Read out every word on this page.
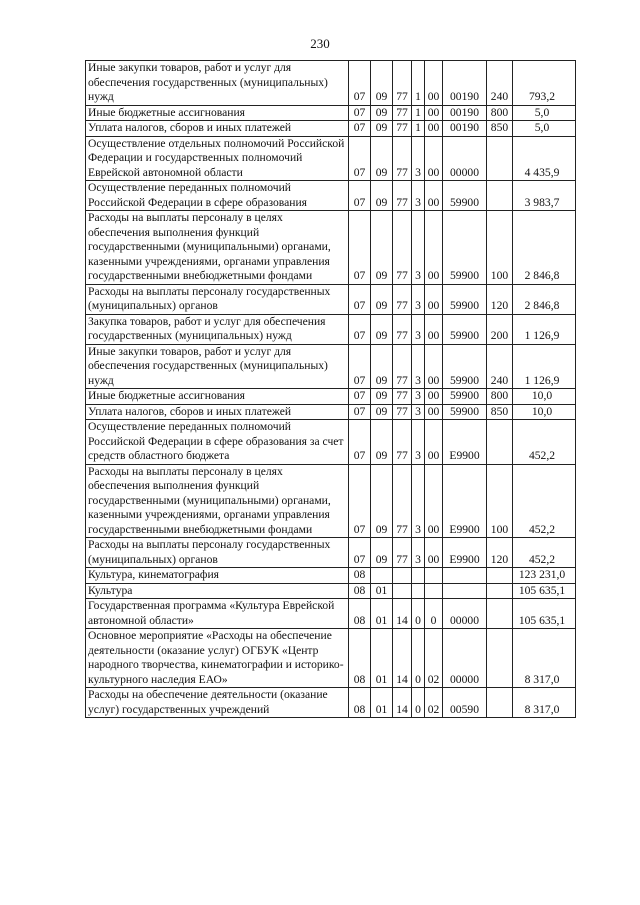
230
Иные закупки товаров, работ и услуг для обеспечения государственных (муниципальных) нужд	07	09	77	1	00	00190	240	793,2
Иные бюджетные ассигнования	07	09	77	1	00	00190	800	5,0
Уплата налогов, сборов и иных платежей	07	09	77	1	00	00190	850	5,0
Осуществление отдельных полномочий Российской Федерации и государственных полномочий Еврейской автономной области	07	09	77	3	00	00000		4 435,9
Осуществление переданных полномочий Российской Федерации в сфере образования	07	09	77	3	00	59900		3 983,7
Расходы на выплаты персоналу в целях обеспечения выполнения функций государственными (муниципальными) органами, казенными учреждениями, органами управления государственными внебюджетными фондами	07	09	77	3	00	59900	100	2 846,8
Расходы на выплаты персоналу государственных (муниципальных) органов	07	09	77	3	00	59900	120	2 846,8
Закупка товаров, работ и услуг для обеспечения государственных (муниципальных) нужд	07	09	77	3	00	59900	200	1 126,9
Иные закупки товаров, работ и услуг для обеспечения государственных (муниципальных) нужд	07	09	77	3	00	59900	240	1 126,9
Иные бюджетные ассигнования	07	09	77	3	00	59900	800	10,0
Уплата налогов, сборов и иных платежей	07	09	77	3	00	59900	850	10,0
Осуществление переданных полномочий Российской Федерации в сфере образования за счет средств областного бюджета	07	09	77	3	00	E9900		452,2
Расходы на выплаты персоналу в целях обеспечения выполнения функций государственными (муниципальными) органами, казенными учреждениями, органами управления государственными внебюджетными фондами	07	09	77	3	00	E9900	100	452,2
Расходы на выплаты персоналу государственных (муниципальных) органов	07	09	77	3	00	E9900	120	452,2
Культура, кинематография	08							123 231,0
Культура	08	01						105 635,1
Государственная программа «Культура Еврейской автономной области»	08	01	14	0	0	00000		105 635,1
Основное мероприятие «Расходы на обеспечение деятельности (оказание услуг) ОГБУК «Центр народного творчества, кинематографии и историко-культурного наследия ЕАО»	08	01	14	0	02	00000		8 317,0
Расходы на обеспечение деятельности (оказание услуг) государственных учреждений	08	01	14	0	02	00590		8 317,0
